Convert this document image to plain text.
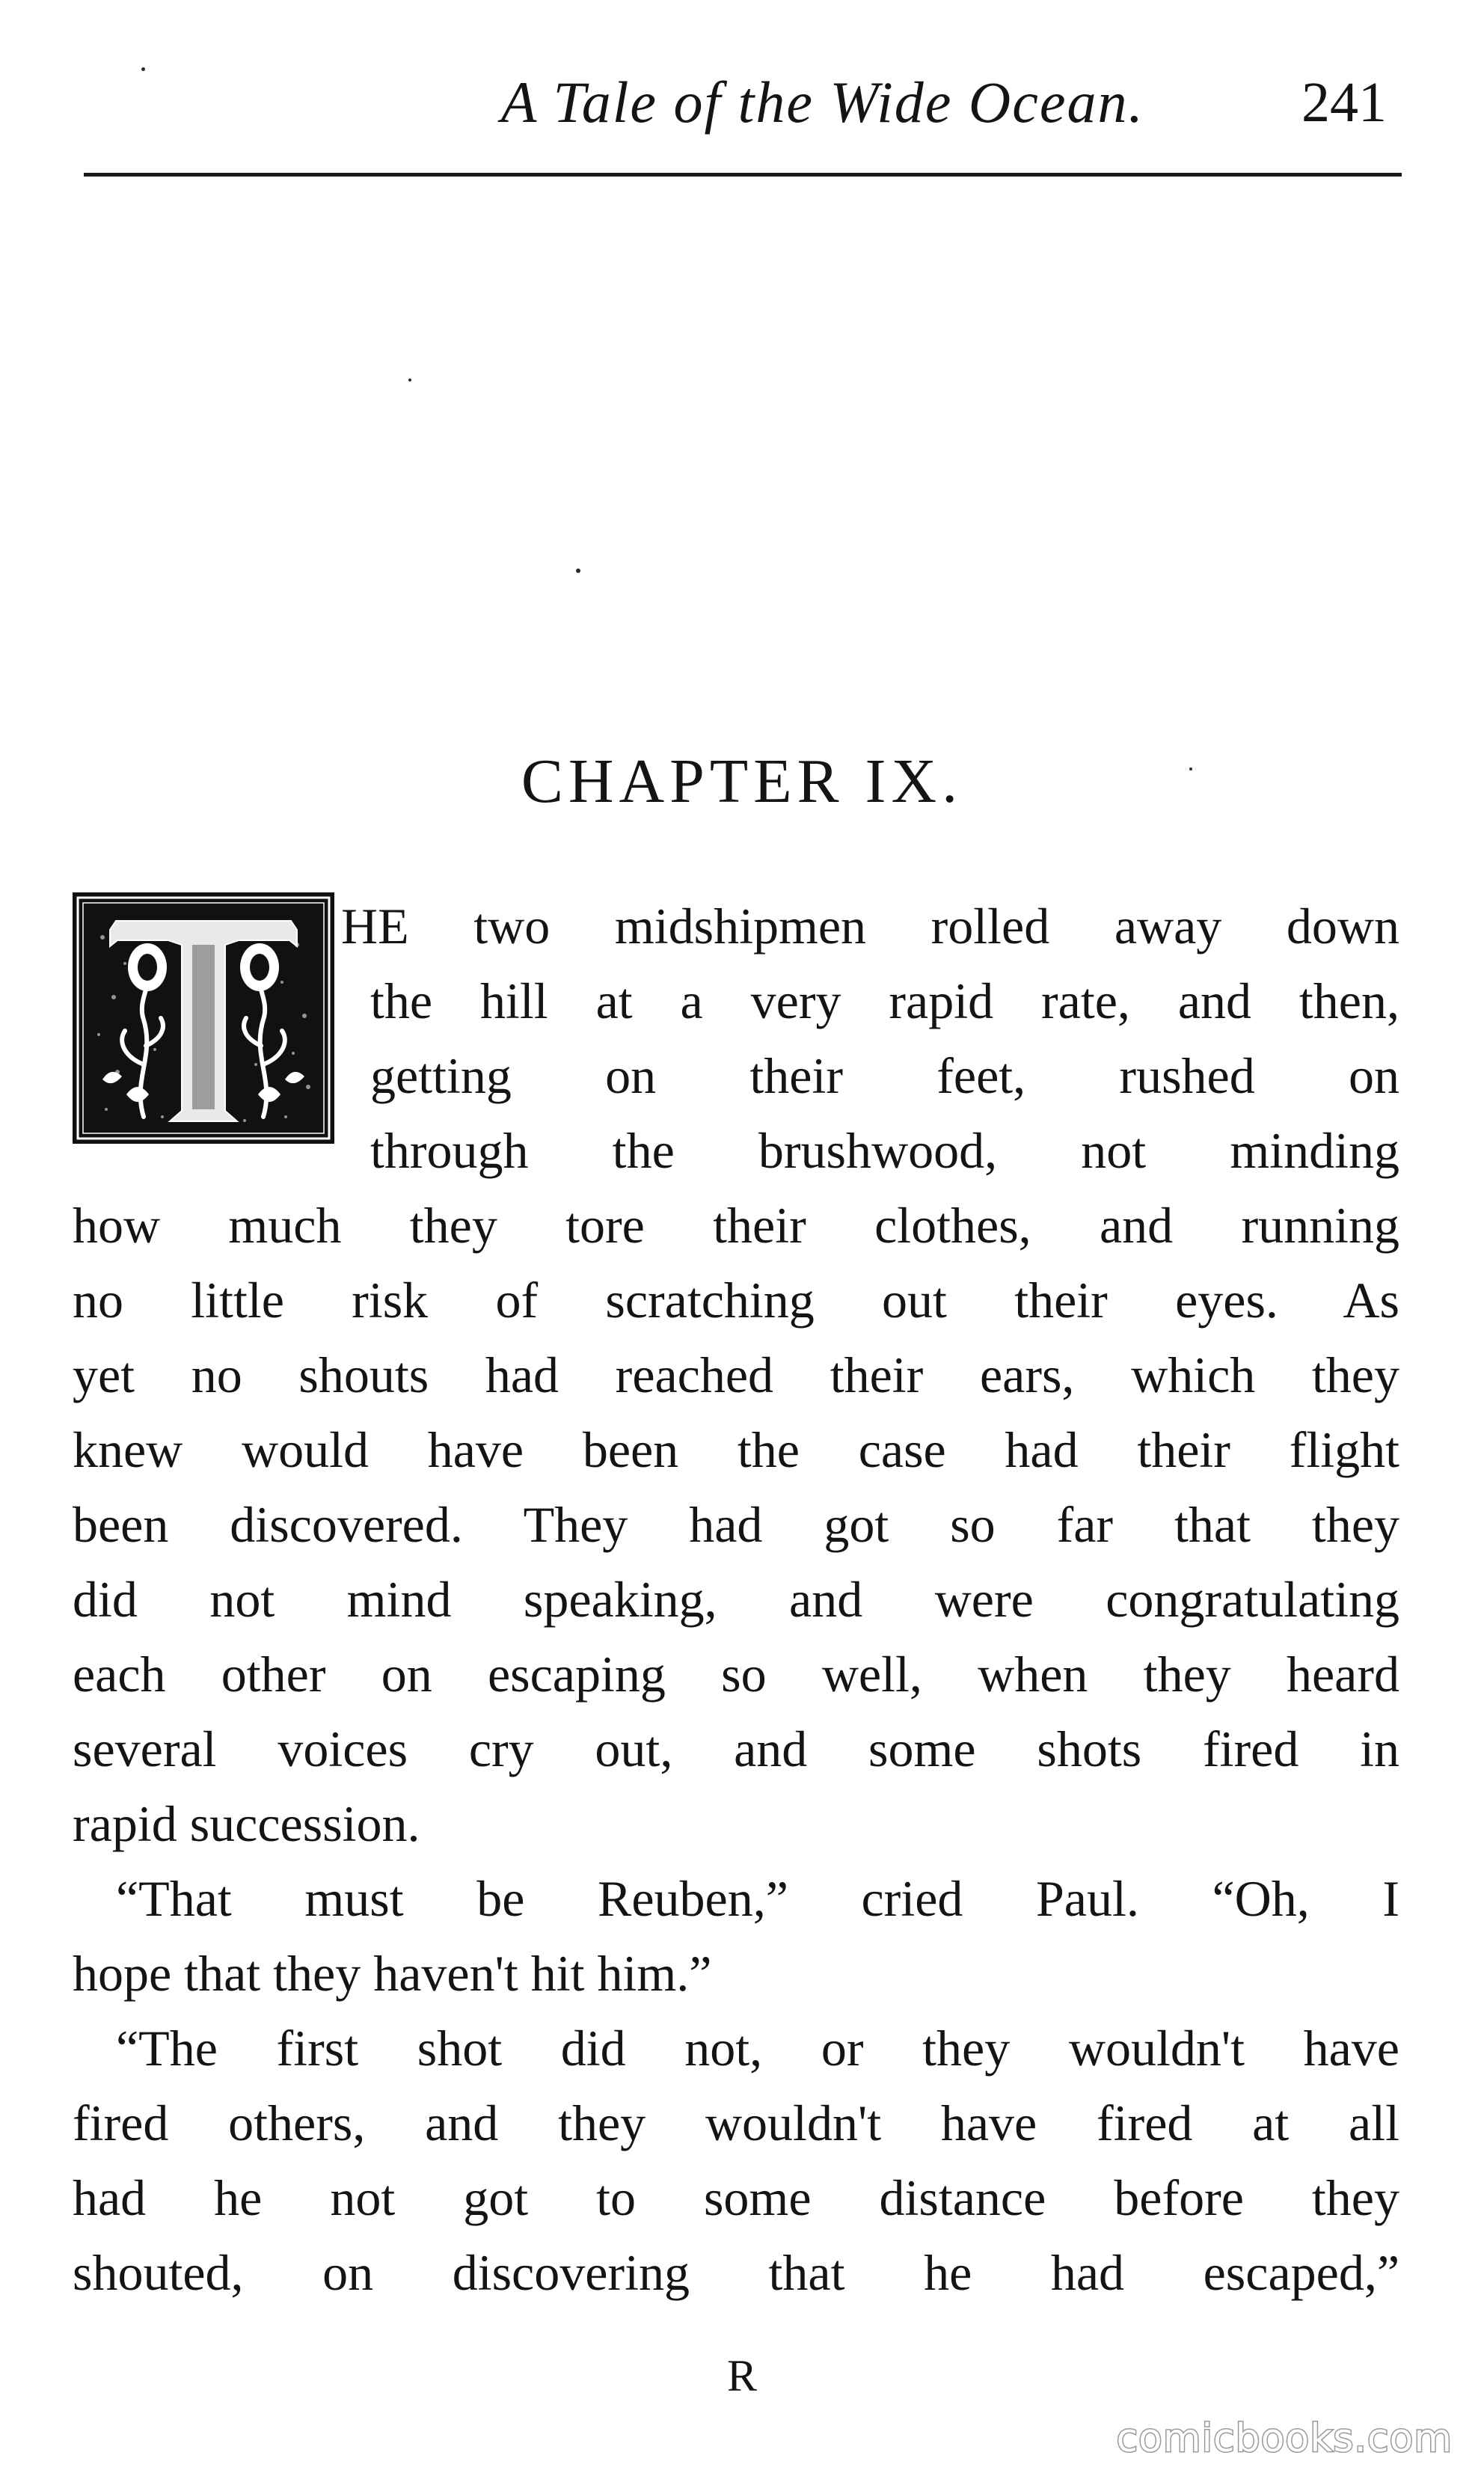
A Tale of the Wide Ocean.	241
CHAPTER IX.
HE two midshipmen rolled away down
the hill at a very rapid rate, and then,
getting on their feet, rushed on
through the brushwood, not minding
how much they tore their clothes, and running
no little risk of scratching out their eyes. As
yet no shouts had reached their ears, which they
knew would have been the case had their flight
been discovered. They had got so far that they
did not mind speaking, and were congratulating
each other on escaping so well, when they heard
several voices cry out, and some shots fired in
rapid succession.
“That must be Reuben,” cried Paul. “Oh, I
hope that they haven't hit him.”
“The first shot did not, or they wouldn't have
fired others, and they wouldn't have fired at all
had he not got to some distance before they
shouted, on discovering that he had escaped,”
R
comicbooks.com
